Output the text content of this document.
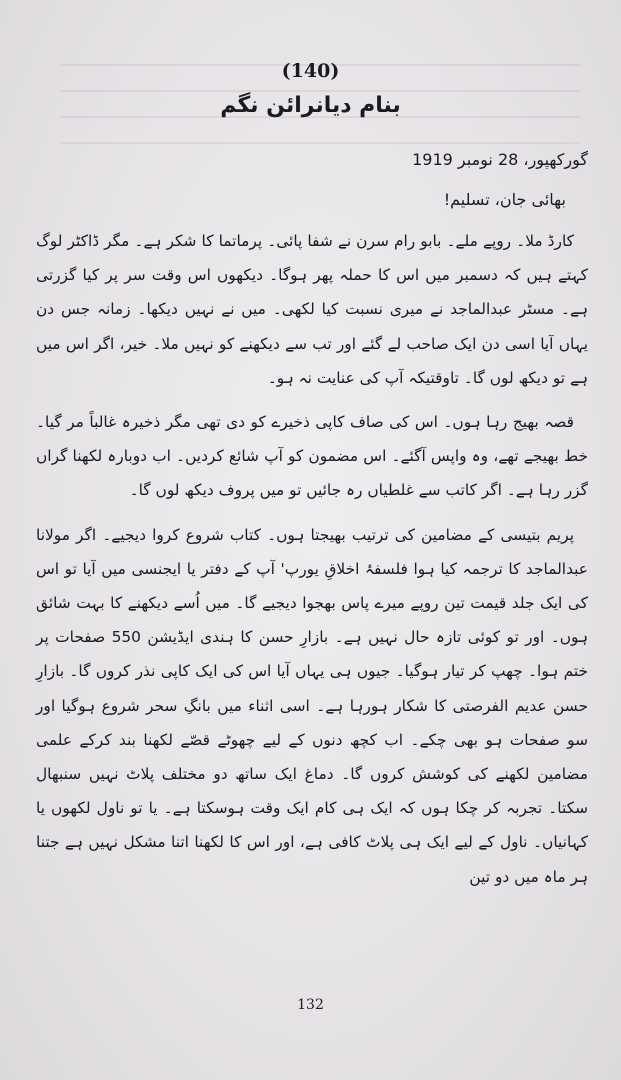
(140)
بنام دیانرائن نگم
گورکھپور، 28 نومبر 1919
بھائی جان، تسلیم!

کارڈ ملا۔ روپے ملے۔ بابو رام سرن نے شفا پائی۔ پرماتما کا شکر ہے۔ مگر ڈاکٹر لوگ کہتے ہیں کہ دسمبر میں اس کا حملہ پھر ہوگا۔ دیکھوں اس وقت سر پر کیا گزرتی ہے۔ مسٹر عبدالماجد نے میری نسبت کیا لکھی۔ میں نے نہیں دیکھا۔ زمانہ جس دن یہاں آیا اسی دن ایک صاحب لے گئے اور تب سے دیکھنے کو نہیں ملا۔ خیر، اگر اس میں ہے تو دیکھ لوں گا۔ تاوقتیکہ آپ کی عنایت نہ ہو۔

قصہ بھیج رہا ہوں۔ اس کی صاف کاپی ذخیرے کو دی تھی مگر ذخیرہ غالباً مر گیا۔ خط بھیجے تھے، وہ واپس آگئے۔ اس مضمون کو آپ شائع کردیں۔ اب دوبارہ لکھنا گراں گزر رہا ہے۔ اگر کاتب سے غلطیاں رہ جائیں تو میں پروف دیکھ لوں گا۔

پریم بتیسی کے مضامین کی ترتیب بھیجتا ہوں۔ کتاب شروع کروا دیجیے۔ اگر مولانا عبدالماجد کا ترجمہ کیا ہوا فلسفۂ اخلاقِ یورپ' آپ کے دفتر یا ایجنسی میں آیا تو اس کی ایک جلد قیمت تین روپے میرے پاس بھجوا دیجیے گا۔ میں اُسے دیکھنے کا بہت شائق ہوں۔ اور تو کوئی تازہ حال نہیں ہے۔ بازارِ حسن کا ہندی ایڈیشن 550 صفحات پر ختم ہوا۔ چھپ کر تیار ہوگیا۔ جیوں ہی یہاں آیا اس کی ایک کاپی نذر کروں گا۔ بازارِ حسن عدیم الفرصتی کا شکار ہورہا ہے۔ اسی اثناء میں بانگِ سحر شروع ہوگیا اور سو صفحات ہو بھی چکے۔ اب کچھ دنوں کے لیے چھوٹے قصّے لکھنا بند کرکے علمی مضامین لکھنے کی کوشش کروں گا۔ دماغ ایک ساتھ دو مختلف پلاٹ نہیں سنبھال سکتا۔ تجربہ کر چکا ہوں کہ ایک ہی کام ایک وقت ہوسکتا ہے۔ یا تو ناول لکھوں یا کہانیاں۔ ناول کے لیے ایک ہی پلاٹ کافی ہے، اور اس کا لکھنا اتنا مشکل نہیں ہے جتنا ہر ماہ میں دو تین

132
